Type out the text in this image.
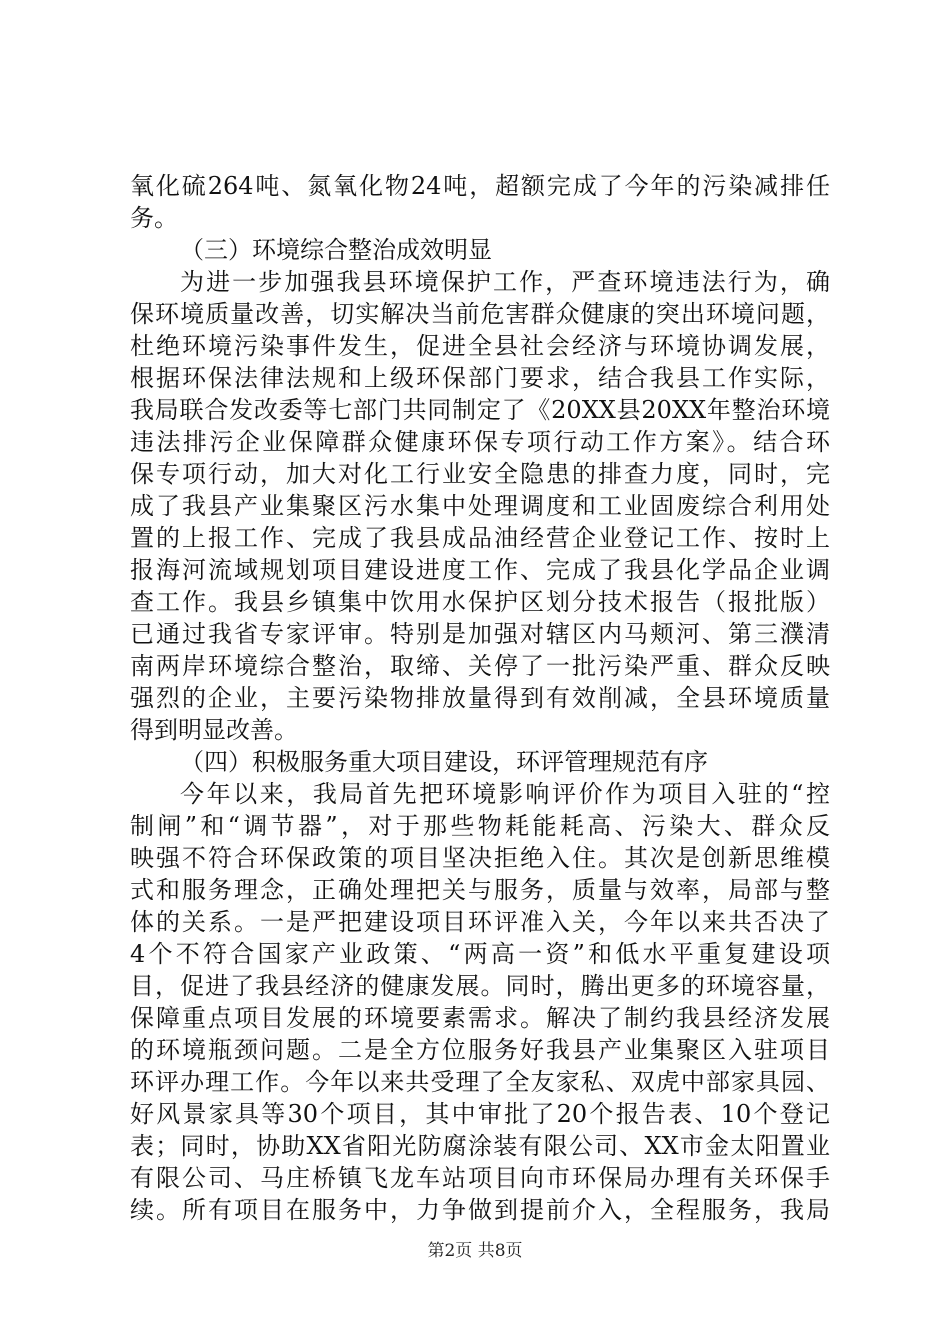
氧化硫264吨、氮氧化物24吨，超额完成了今年的污染减排任
务。
（三）环境综合整治成效明显
为进一步加强我县环境保护工作，严查环境违法行为，确
保环境质量改善，切实解决当前危害群众健康的突出环境问题，
杜绝环境污染事件发生，促进全县社会经济与环境协调发展，
根据环保法律法规和上级环保部门要求，结合我县工作实际，
我局联合发改委等七部门共同制定了《20XX县20XX年整治环境
违法排污企业保障群众健康环保专项行动工作方案》。结合环
保专项行动，加大对化工行业安全隐患的排查力度，同时，完
成了我县产业集聚区污水集中处理调度和工业固废综合利用处
置的上报工作、完成了我县成品油经营企业登记工作、按时上
报海河流域规划项目建设进度工作、完成了我县化学品企业调
查工作。我县乡镇集中饮用水保护区划分技术报告（报批版）
已通过我省专家评审。特别是加强对辖区内马颊河、第三濮清
南两岸环境综合整治，取缔、关停了一批污染严重、群众反映
强烈的企业，主要污染物排放量得到有效削减，全县环境质量
得到明显改善。
（四）积极服务重大项目建设，环评管理规范有序
今年以来，我局首先把环境影响评价作为项目入驻的“控
制闸”和“调节器”，对于那些物耗能耗高、污染大、群众反
映强不符合环保政策的项目坚决拒绝入住。其次是创新思维模
式和服务理念，正确处理把关与服务，质量与效率，局部与整
体的关系。一是严把建设项目环评准入关，今年以来共否决了
4个不符合国家产业政策、“两高一资”和低水平重复建设项
目，促进了我县经济的健康发展。同时，腾出更多的环境容量，
保障重点项目发展的环境要素需求。解决了制约我县经济发展
的环境瓶颈问题。二是全方位服务好我县产业集聚区入驻项目
环评办理工作。今年以来共受理了全友家私、双虎中部家具园、
好风景家具等30个项目，其中审批了20个报告表、10个登记
表；同时，协助XX省阳光防腐涂装有限公司、XX市金太阳置业
有限公司、马庄桥镇飞龙车站项目向市环保局办理有关环保手
续。所有项目在服务中，力争做到提前介入，全程服务，我局
第2页 共8页
